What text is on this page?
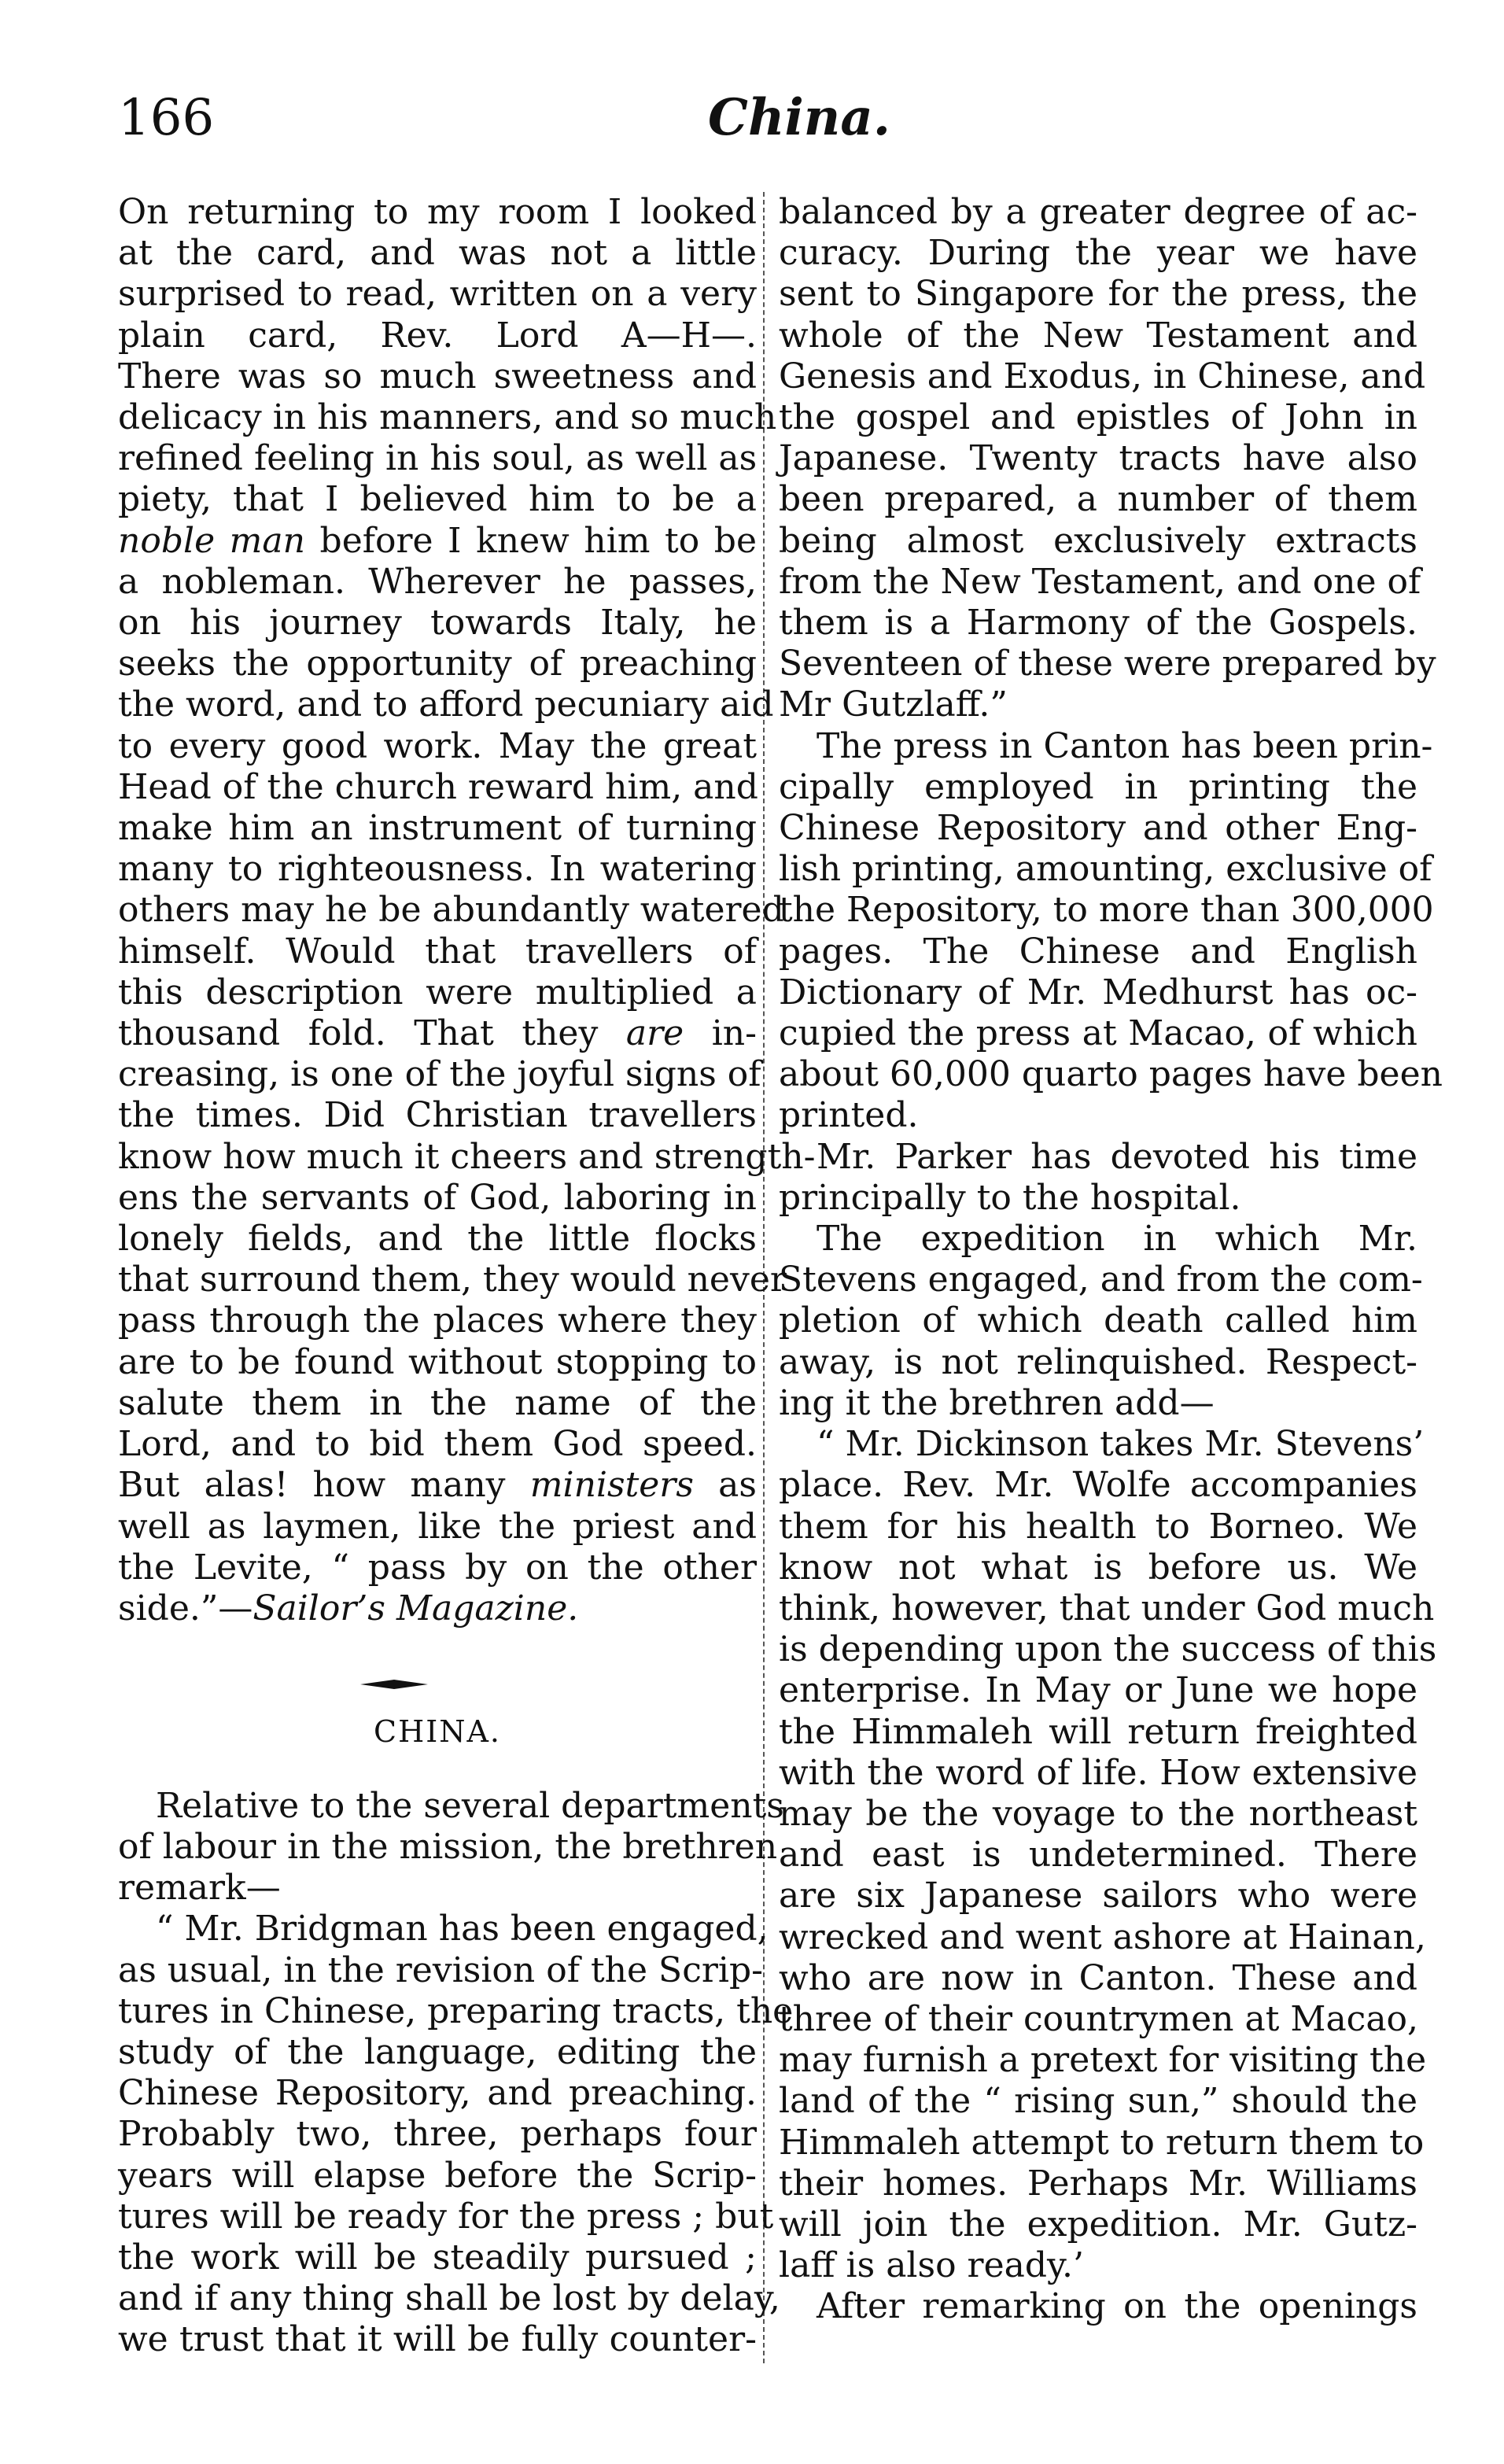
166	China.
On returning to my room I looked
at the card, and was not a little
surprised to read, written on a very
plain card, Rev. Lord A—H—.
There was so much sweetness and
delicacy in his manners, and so much
refined feeling in his soul, as well as
piety, that I believed him to be a
noble man before I knew him to be
a nobleman. Wherever he passes,
on his journey towards Italy, he
seeks the opportunity of preaching
the word, and to afford pecuniary aid
to every good work. May the great
Head of the church reward him, and
make him an instrument of turning
many to righteousness. In watering
others may he be abundantly watered
himself. Would that travellers of
this description were multiplied a
thousand fold. That they are in-
creasing, is one of the joyful signs of
the times. Did Christian travellers
know how much it cheers and strength-
ens the servants of God, laboring in
lonely fields, and the little flocks
that surround them, they would never
pass through the places where they
are to be found without stopping to
salute them in the name of the
Lord, and to bid them God speed.
But alas! how many ministers as
well as laymen, like the priest and
the Levite, “ pass by on the other
side.”—Sailor’s Magazine.
CHINA.
Relative to the several departments
of labour in the mission, the brethren
remark—
“ Mr. Bridgman has been engaged,
as usual, in the revision of the Scrip-
tures in Chinese, preparing tracts, the
study of the language, editing the
Chinese Repository, and preaching.
Probably two, three, perhaps four
years will elapse before the Scrip-
tures will be ready for the press ; but
the work will be steadily pursued ;
and if any thing shall be lost by delay,
we trust that it will be fully counter-
balanced by a greater degree of ac-
curacy. During the year we have
sent to Singapore for the press, the
whole of the New Testament and
Genesis and Exodus, in Chinese, and
the gospel and epistles of John in
Japanese. Twenty tracts have also
been prepared, a number of them
being almost exclusively extracts
from the New Testament, and one of
them is a Harmony of the Gospels.
Seventeen of these were prepared by
Mr Gutzlaff.”
The press in Canton has been prin-
cipally employed in printing the
Chinese Repository and other Eng-
lish printing, amounting, exclusive of
the Repository, to more than 300,000
pages. The Chinese and English
Dictionary of Mr. Medhurst has oc-
cupied the press at Macao, of which
about 60,000 quarto pages have been
printed.
Mr. Parker has devoted his time
principally to the hospital.
The expedition in which Mr.
Stevens engaged, and from the com-
pletion of which death called him
away, is not relinquished. Respect-
ing it the brethren add—
“ Mr. Dickinson takes Mr. Stevens’
place. Rev. Mr. Wolfe accompanies
them for his health to Borneo. We
know not what is before us. We
think, however, that under God much
is depending upon the success of this
enterprise. In May or June we hope
the Himmaleh will return freighted
with the word of life. How extensive
may be the voyage to the northeast
and east is undetermined. There
are six Japanese sailors who were
wrecked and went ashore at Hainan,
who are now in Canton. These and
three of their countrymen at Macao,
may furnish a pretext for visiting the
land of the “ rising sun,” should the
Himmaleh attempt to return them to
their homes. Perhaps Mr. Williams
will join the expedition. Mr. Gutz-
laff is also ready.’
After remarking on the openings
